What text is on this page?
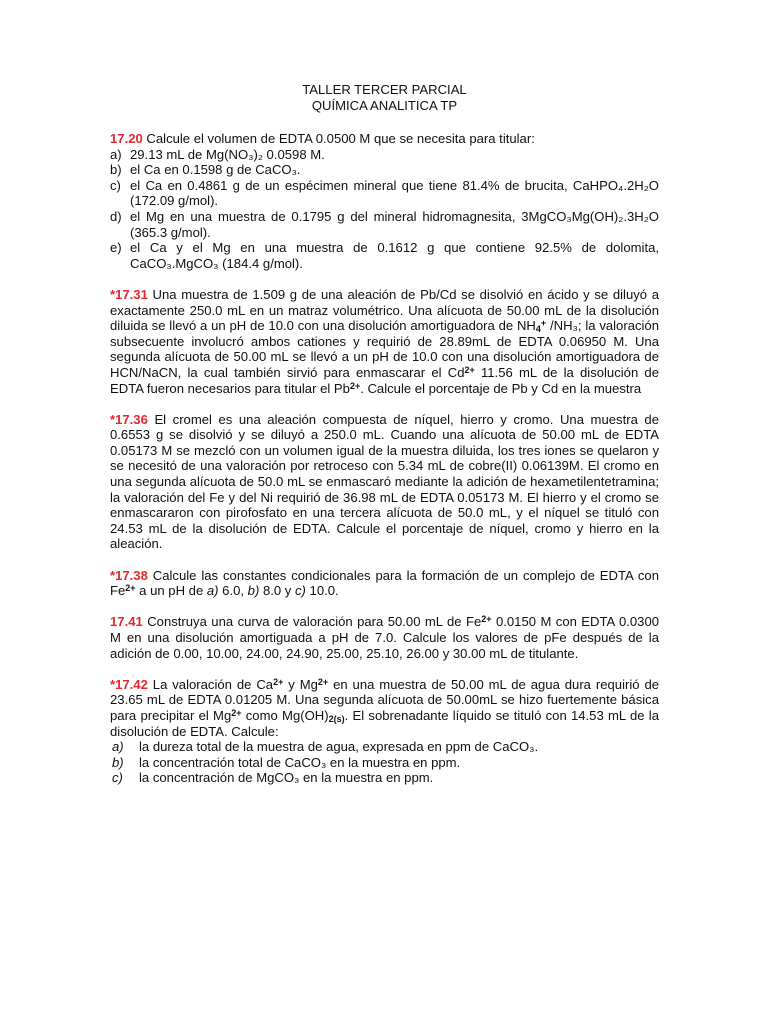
TALLER TERCER PARCIAL
QUÍMICA ANALITICA TP
17.20 Calcule el volumen de EDTA 0.0500 M que se necesita para titular:
a) 29.13 mL de Mg(NO₃)₂ 0.0598 M.
b) el Ca en 0.1598 g de CaCO₃.
c) el Ca en 0.4861 g de un espécimen mineral que tiene 81.4% de brucita, CaHPO₄.2H₂O (172.09 g/mol).
d) el Mg en una muestra de 0.1795 g del mineral hidromagnesita, 3MgCO₃Mg(OH)₂.3H₂O (365.3 g/mol).
e) el Ca y el Mg en una muestra de 0.1612 g que contiene 92.5% de dolomita, CaCO₃.MgCO₃ (184.4 g/mol).
*17.31 Una muestra de 1.509 g de una aleación de Pb/Cd se disolvió en ácido y se diluyó a exactamente 250.0 mL en un matraz volumétrico. Una alícuota de 50.00 mL de la disolución diluida se llevó a un pH de 10.0 con una disolución amortiguadora de $NH_4^+$ /NH₃; la valoración subsecuente involucró ambos cationes y requirió de 28.89mL de EDTA 0.06950 M. Una segunda alícuota de 50.00 mL se llevó a un pH de 10.0 con una disolución amortiguadora de HCN/NaCN, la cual también sirvió para enmascarar el $Cd^{2+}$ 11.56 mL de la disolución de EDTA fueron necesarios para titular el $Pb^{2+}$. Calcule el porcentaje de Pb y Cd en la muestra
*17.36 El cromel es una aleación compuesta de níquel, hierro y cromo. Una muestra de 0.6553 g se disolvió y se diluyó a 250.0 mL. Cuando una alícuota de 50.00 mL de EDTA 0.05173 M se mezcló con un volumen igual de la muestra diluida, los tres iones se quelaron y se necesitó de una valoración por retroceso con 5.34 mL de cobre(II) 0.06139M. El cromo en una segunda alícuota de 50.0 mL se enmascaró mediante la adición de hexametilentetramina; la valoración del Fe y del Ni requirió de 36.98 mL de EDTA 0.05173 M. El hierro y el cromo se enmascararon con pirofosfato en una tercera alícuota de 50.0 mL, y el níquel se tituló con 24.53 mL de la disolución de EDTA. Calcule el porcentaje de níquel, cromo y hierro en la aleación.
*17.38 Calcule las constantes condicionales para la formación de un complejo de EDTA con $Fe^{2+}$ a un pH de a) 6.0, b) 8.0 y c) 10.0.
17.41 Construya una curva de valoración para 50.00 mL de $Fe^{2+}$ 0.0150 M con EDTA 0.0300 M en una disolución amortiguada a pH de 7.0. Calcule los valores de pFe después de la adición de 0.00, 10.00, 24.00, 24.90, 25.00, 25.10, 26.00 y 30.00 mL de titulante.
*17.42 La valoración de $Ca^{2+}$ y $Mg^{2+}$ en una muestra de 50.00 mL de agua dura requirió de 23.65 mL de EDTA 0.01205 M. Una segunda alícuota de 50.00mL se hizo fuertemente básica para precipitar el $Mg^{2+}$ como $Mg(OH)_{2(s)}$. El sobrenadante líquido se tituló con 14.53 mL de la disolución de EDTA. Calcule:
a)	la dureza total de la muestra de agua, expresada en ppm de CaCO₃.
b)	la concentración total de CaCO₃ en la muestra en ppm.
c)	la concentración de MgCO₃ en la muestra en ppm.
